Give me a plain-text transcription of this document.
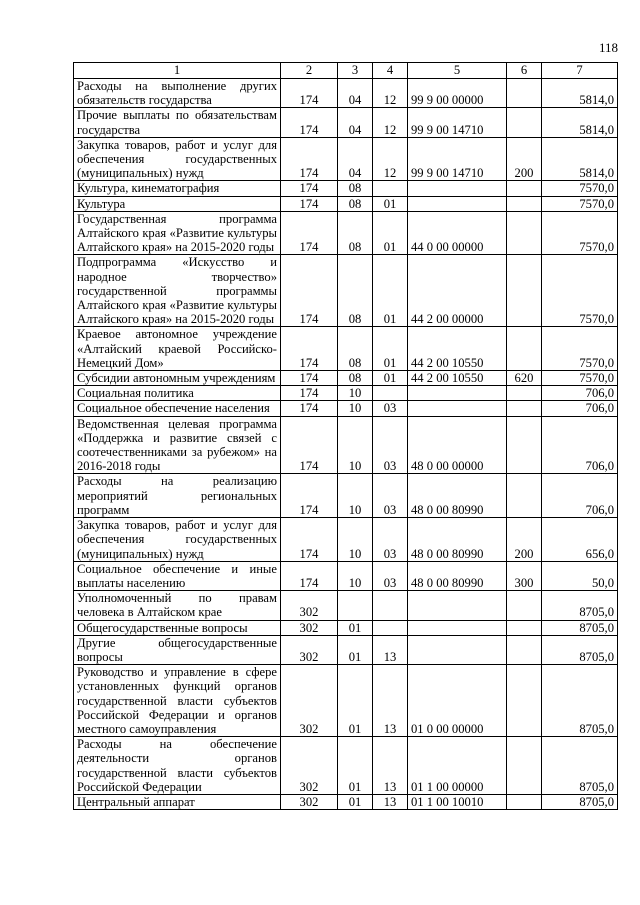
118
1	2	3	4	5	6	7
Расходы на выполнение других обязательств государства	174	04	12	99 9 00 00000		5814,0
Прочие выплаты по обязательствам государства	174	04	12	99 9 00 14710		5814,0
Закупка товаров, работ и услуг для обеспечения государственных (муниципальных) нужд	174	04	12	99 9 00 14710	200	5814,0
Культура, кинематография	174	08				7570,0
Культура	174	08	01			7570,0
Государственная программа Алтайского края «Развитие культуры Алтайского края» на 2015-2020 годы	174	08	01	44 0 00 00000		7570,0
Подпрограмма «Искусство и народное творчество» государственной программы Алтайского края «Развитие культуры Алтайского края» на 2015-2020 годы	174	08	01	44 2 00 00000		7570,0
Краевое автономное учреждение «Алтайский краевой Российско-Немецкий Дом»	174	08	01	44 2 00 10550		7570,0
Субсидии автономным учреждениям	174	08	01	44 2 00 10550	620	7570,0
Социальная политика	174	10				706,0
Социальное обеспечение населения	174	10	03			706,0
Ведомственная целевая программа «Поддержка и развитие связей с соотечественниками за рубежом» на 2016-2018 годы	174	10	03	48 0 00 00000		706,0
Расходы на реализацию мероприятий региональных программ	174	10	03	48 0 00 80990		706,0
Закупка товаров, работ и услуг для обеспечения государственных (муниципальных) нужд	174	10	03	48 0 00 80990	200	656,0
Социальное обеспечение и иные выплаты населению	174	10	03	48 0 00 80990	300	50,0
Уполномоченный по правам человека в Алтайском крае	302					8705,0
Общегосударственные вопросы	302	01				8705,0
Другие общегосударственные вопросы	302	01	13			8705,0
Руководство и управление в сфере установленных функций органов государственной власти субъектов Российской Федерации и органов местного самоуправления	302	01	13	01 0 00 00000		8705,0
Расходы на обеспечение деятельности органов государственной власти субъектов Российской Федерации	302	01	13	01 1 00 00000		8705,0
Центральный аппарат	302	01	13	01 1 00 10010		8705,0
